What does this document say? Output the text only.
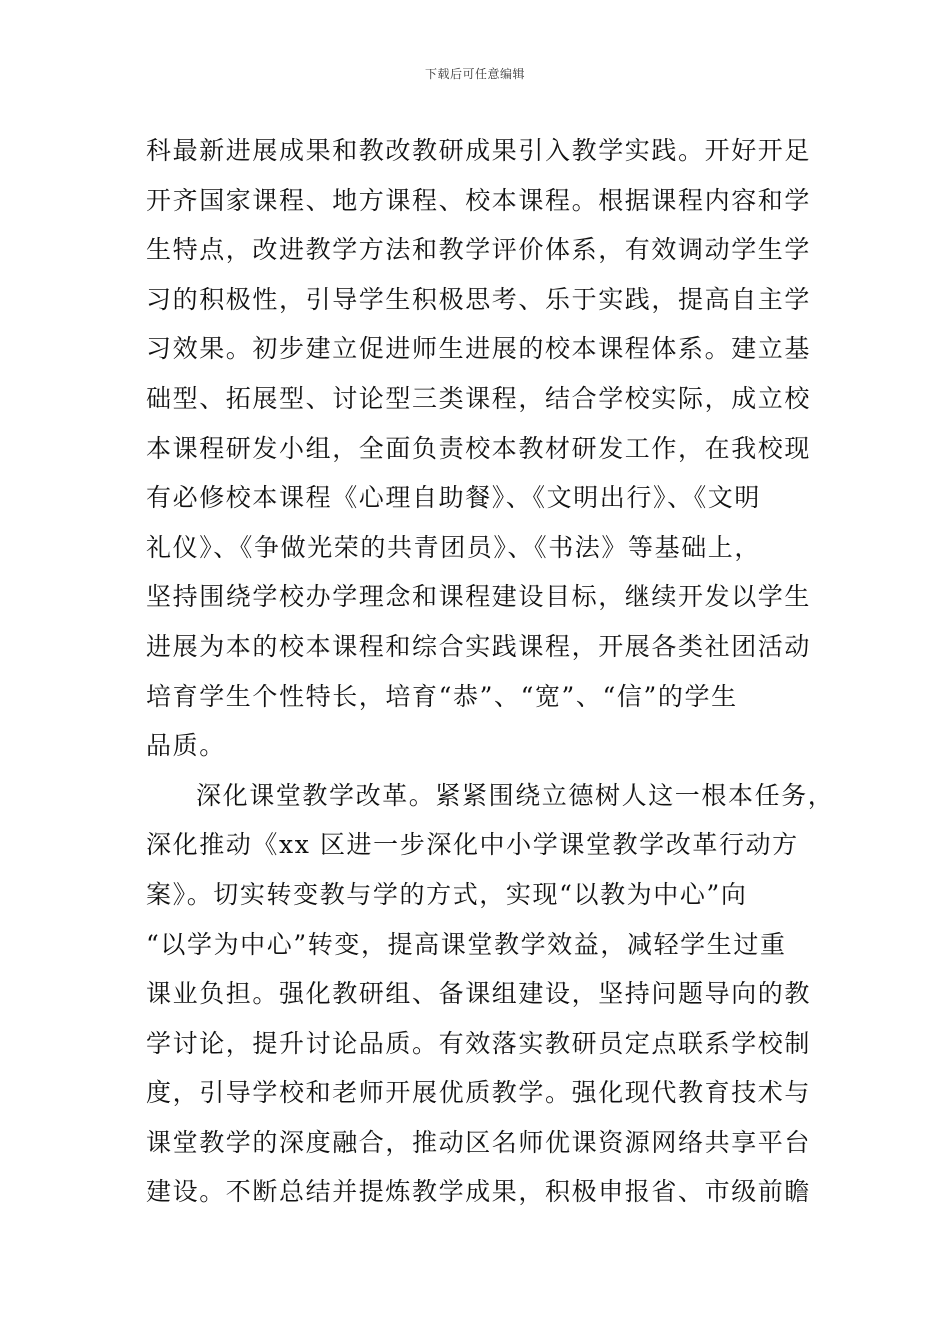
下载后可任意编辑
科最新进展成果和教改教研成果引入教学实践。开好开足
开齐国家课程、地方课程、校本课程。根据课程内容和学
生特点，改进教学方法和教学评价体系，有效调动学生学
习的积极性，引导学生积极思考、乐于实践，提高自主学
习效果。初步建立促进师生进展的校本课程体系。建立基
础型、拓展型、讨论型三类课程，结合学校实际，成立校
本课程研发小组，全面负责校本教材研发工作，在我校现
有必修校本课程《心理自助餐》、《文明出行》、《文明
礼仪》、《争做光荣的共青团员》、《书法》等基础上，
坚持围绕学校办学理念和课程建设目标，继续开发以学生
进展为本的校本课程和综合实践课程，开展各类社团活动
培育学生个性特长，培育“恭”、“宽”、“信”的学生
品质。
深化课堂教学改革。紧紧围绕立德树人这一根本任务，
深化推动《xx 区进一步深化中小学课堂教学改革行动方
案》。切实转变教与学的方式，实现“以教为中心”向
“以学为中心”转变，提高课堂教学效益，减轻学生过重
课业负担。强化教研组、备课组建设，坚持问题导向的教
学讨论，提升讨论品质。有效落实教研员定点联系学校制
度，引导学校和老师开展优质教学。强化现代教育技术与
课堂教学的深度融合，推动区名师优课资源网络共享平台
建设。不断总结并提炼教学成果，积极申报省、市级前瞻
